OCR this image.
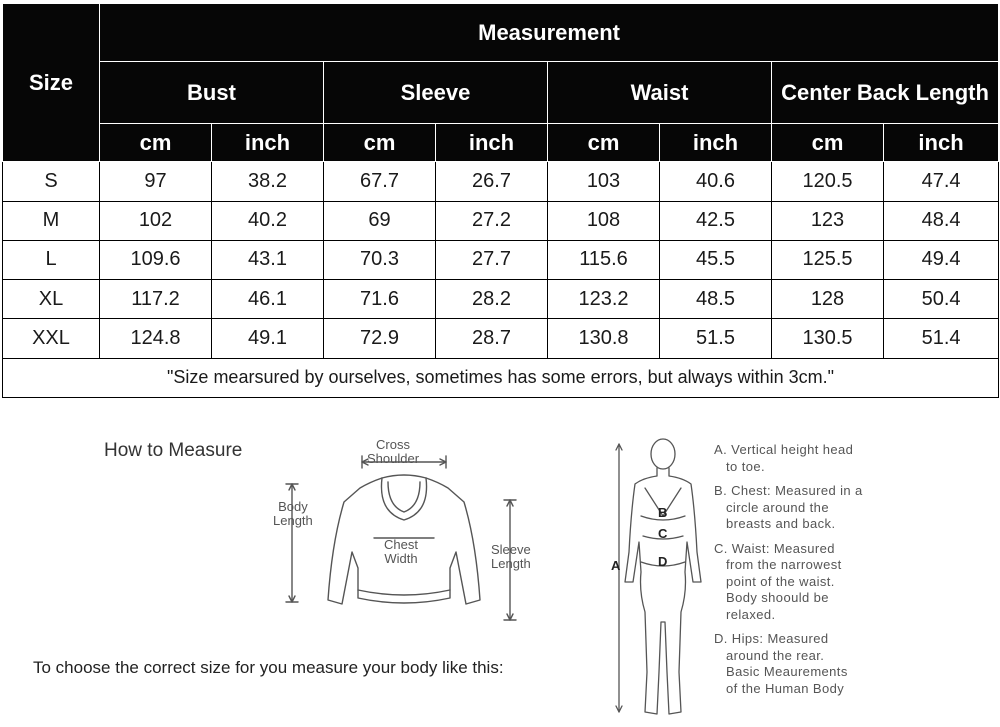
Size	Measurement							
	Bust		Sleeve		Waist		Center Back Length	
	cm	inch	cm	inch	cm	inch	cm	inch
S	97	38.2	67.7	26.7	103	40.6	120.5	47.4
M	102	40.2	69	27.2	108	42.5	123	48.4
L	109.6	43.1	70.3	27.7	115.6	45.5	125.5	49.4
XL	117.2	46.1	71.6	28.2	123.2	48.5	128	50.4
XXL	124.8	49.1	72.9	28.7	130.8	51.5	130.5	51.4
"Size mearsured by ourselves, sometimes has some errors, but always within 3cm."								
How to Measure	Cross
Shoulder
Body
Length
Chest
Width
Sleeve
Length
To choose the correct size for you measure your body like this:
B
C
D
A
A. Vertical height head
to toe.
B. Chest: Measured in a
circle around the
breasts and back.
C. Waist: Measured
from the narrowest
point of the waist.
Body shoould be
relaxed.
D. Hips: Measured
around the rear.
Basic Meaurements
of the Human Body
